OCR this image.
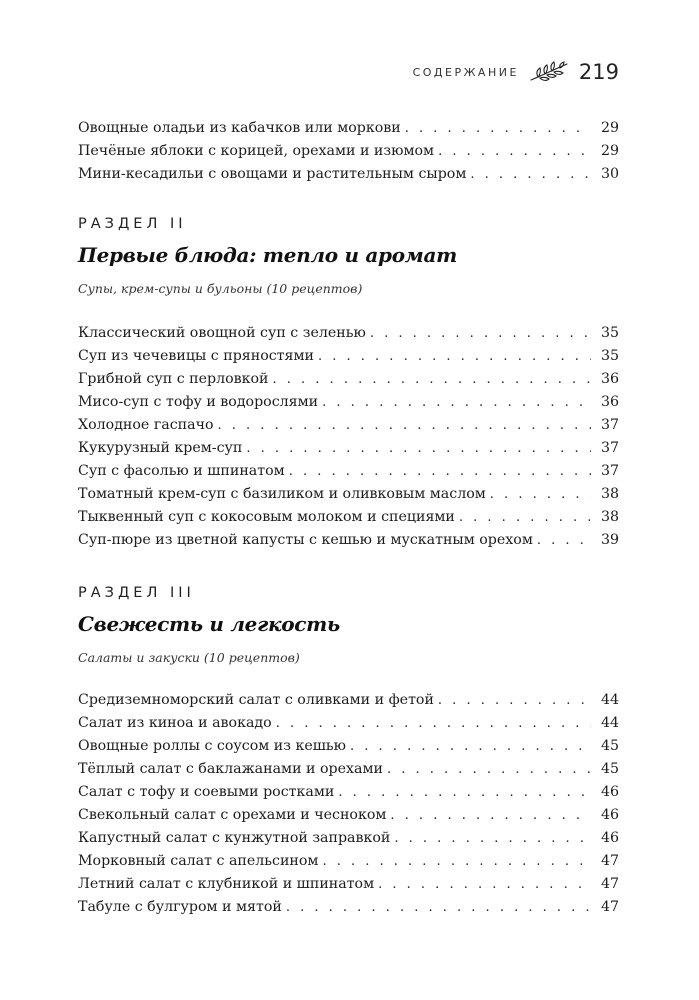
СОДЕРЖАНИЕ	219
Овощные оладьи из кабачков или моркови . . .	29
Печёные яблоки с корицей, орехами и изюмом . . .	29
Мини-кесадильи с овощами и растительным сыром . . .	30
РАЗДЕЛ II
Первые блюда: тепло и аромат
Супы, крем-супы и бульоны (10 рецептов)
Классический овощной суп с зеленью . . .	35
Суп из чечевицы с пряностями . . .	35
Грибной суп с перловкой . . .	36
Мисо-суп с тофу и водорослями . . .	36
Холодное гаспачо . . .	37
Кукурузный крем-суп . . .	37
Суп с фасолью и шпинатом . . .	37
Томатный крем-суп с базиликом и оливковым маслом . . .	38
Тыквенный суп с кокосовым молоком и специями . . .	38
Суп-пюре из цветной капусты с кешью и мускатным орехом . . .	39
РАЗДЕЛ III
Свежесть и легкость
Салаты и закуски (10 рецептов)
Средиземноморский салат с оливками и фетой . . .	44
Салат из киноа и авокадо . . .	44
Овощные роллы с соусом из кешью . . .	45
Тёплый салат с баклажанами и орехами . . .	45
Салат с тофу и соевыми ростками . . .	46
Свекольный салат с орехами и чесноком . . .	46
Капустный салат с кунжутной заправкой . . .	46
Морковный салат с апельсином . . .	47
Летний салат с клубникой и шпинатом . . .	47
Табуле с булгуром и мятой . . .	47
